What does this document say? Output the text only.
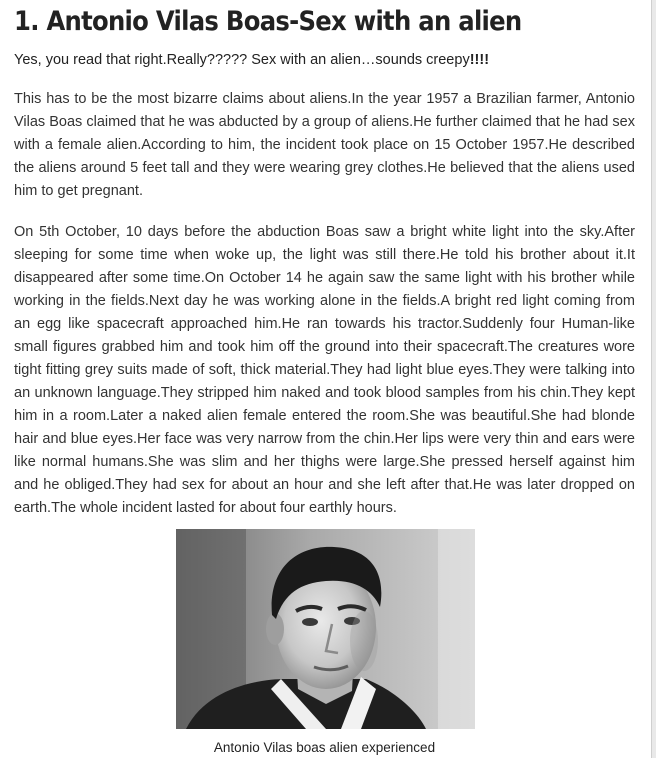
1. Antonio Vilas Boas-Sex with an alien

Yes, you read that right.Really????? Sex with an alien…sounds creepy!!!!

This has to be the most bizarre claims about aliens.In the year 1957 a Brazilian farmer, Antonio Vilas Boas claimed that he was abducted by a group of aliens.He further claimed that he had sex with a female alien.According to him, the incident took place on 15 October 1957.He described the aliens around 5 feet tall and they were wearing grey clothes.He believed that the aliens used him to get pregnant.

On 5th October, 10 days before the abduction Boas saw a bright white light into the sky.After sleeping for some time when woke up, the light was still there.He told his brother about it.It disappeared after some time.On October 14 he again saw the same light with his brother while working in the fields.Next day he was working alone in the fields.A bright red light coming from an egg like spacecraft approached him.He ran towards his tractor.Suddenly four Human-like small figures grabbed him and took him off the ground into their spacecraft.The creatures wore tight fitting grey suits made of soft, thick material.They had light blue eyes.They were talking into an unknown language.They stripped him naked and took blood samples from his chin.They kept him in a room.Later a naked alien female entered the room.She was beautiful.She had blonde hair and blue eyes.Her face was very narrow from the chin.Her lips were very thin and ears were like normal humans.She was slim and her thighs were large.She pressed herself against him and he obliged.They had sex for about an hour and she left after that.He was later dropped on earth.The whole incident lasted for about four earthly hours.

Antonio Vilas boas alien experienced
